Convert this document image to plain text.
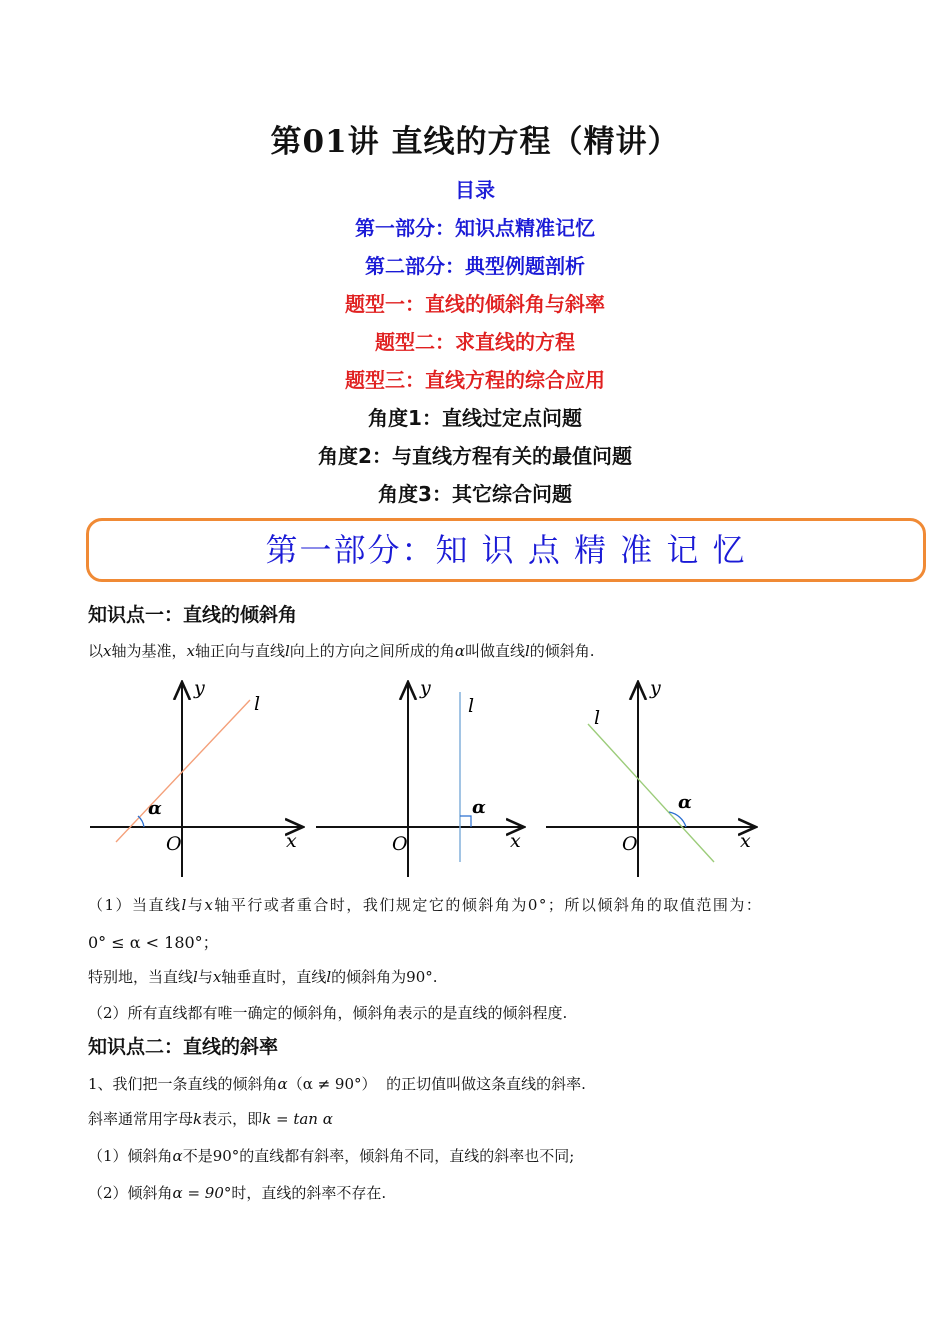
第01讲 直线的方程（精讲）
目录
第一部分：知识点精准记忆
第二部分：典型例题剖析
题型一：直线的倾斜角与斜率
题型二：求直线的方程
题型三：直线方程的综合应用
角度1：直线过定点问题
角度2：与直线方程有关的最值问题
角度3：其它综合问题
第一部分：知 识 点 精 准 记 忆
知识点一：直线的倾斜角
以x轴为基准，x轴正向与直线l向上的方向之间所成的角α叫做直线l的倾斜角.
y
x
O
l
α
y
x
O
l
α
y
x
O
l
α
（1）当直线l与x轴平行或者重合时，我们规定它的倾斜角为0°；所以倾斜角的取值范围为：
0° ≤ α < 180°；
特别地，当直线l与x轴垂直时，直线l的倾斜角为90°.
（2）所有直线都有唯一确定的倾斜角，倾斜角表示的是直线的倾斜程度.
知识点二：直线的斜率
1、我们把一条直线的倾斜角α（α ≠ 90°） 的正切值叫做这条直线的斜率.
斜率通常用字母k表示，即k = tan α
（1）倾斜角α不是90°的直线都有斜率，倾斜角不同，直线的斜率也不同;
（2）倾斜角α = 90°时，直线的斜率不存在.
